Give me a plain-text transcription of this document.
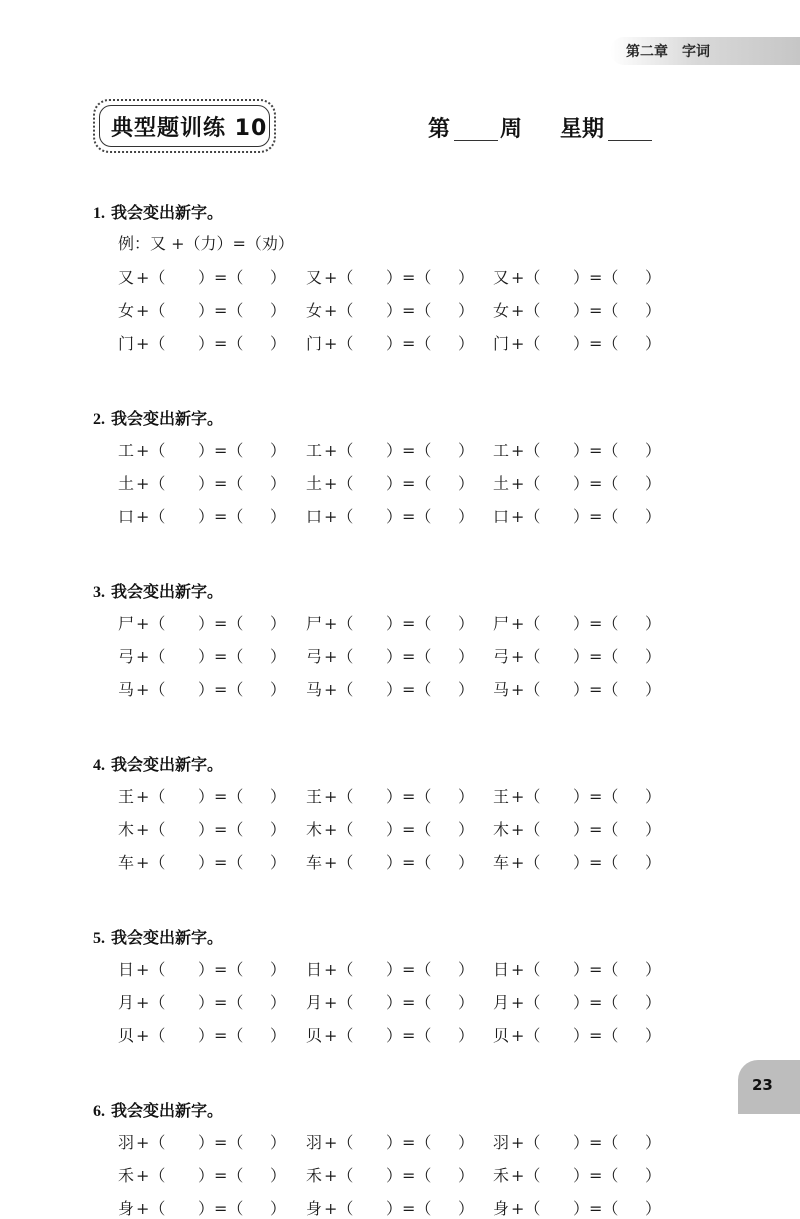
第二章　字词
典型题训练 10	第 周 星期
1. 我会变出新字。
例：又 +（力）=（劝）
又 +（ ）=（ ） 又 +（ ）=（ ） 又 +（ ）=（ ）
女 +（ ）=（ ） 女 +（ ）=（ ） 女 +（ ）=（ ）
门 +（ ）=（ ） 门 +（ ）=（ ） 门 +（ ）=（ ）
2. 我会变出新字。
工 +（ ）=（ ） 工 +（ ）=（ ） 工 +（ ）=（ ）
土 +（ ）=（ ） 土 +（ ）=（ ） 土 +（ ）=（ ）
口 +（ ）=（ ） 口 +（ ）=（ ） 口 +（ ）=（ ）
3. 我会变出新字。
尸 +（ ）=（ ） 尸 +（ ）=（ ） 尸 +（ ）=（ ）
弓 +（ ）=（ ） 弓 +（ ）=（ ） 弓 +（ ）=（ ）
马 +（ ）=（ ） 马 +（ ）=（ ） 马 +（ ）=（ ）
4. 我会变出新字。
王 +（ ）=（ ） 王 +（ ）=（ ） 王 +（ ）=（ ）
木 +（ ）=（ ） 木 +（ ）=（ ） 木 +（ ）=（ ）
车 +（ ）=（ ） 车 +（ ）=（ ） 车 +（ ）=（ ）
5. 我会变出新字。
日 +（ ）=（ ） 日 +（ ）=（ ） 日 +（ ）=（ ）
月 +（ ）=（ ） 月 +（ ）=（ ） 月 +（ ）=（ ）
贝 +（ ）=（ ） 贝 +（ ）=（ ） 贝 +（ ）=（ ）
6. 我会变出新字。
羽 +（ ）=（ ） 羽 +（ ）=（ ） 羽 +（ ）=（ ）
禾 +（ ）=（ ） 禾 +（ ）=（ ） 禾 +（ ）=（ ）
身 +（ ）=（ ） 身 +（ ）=（ ） 身 +（ ）=（ ）
23
